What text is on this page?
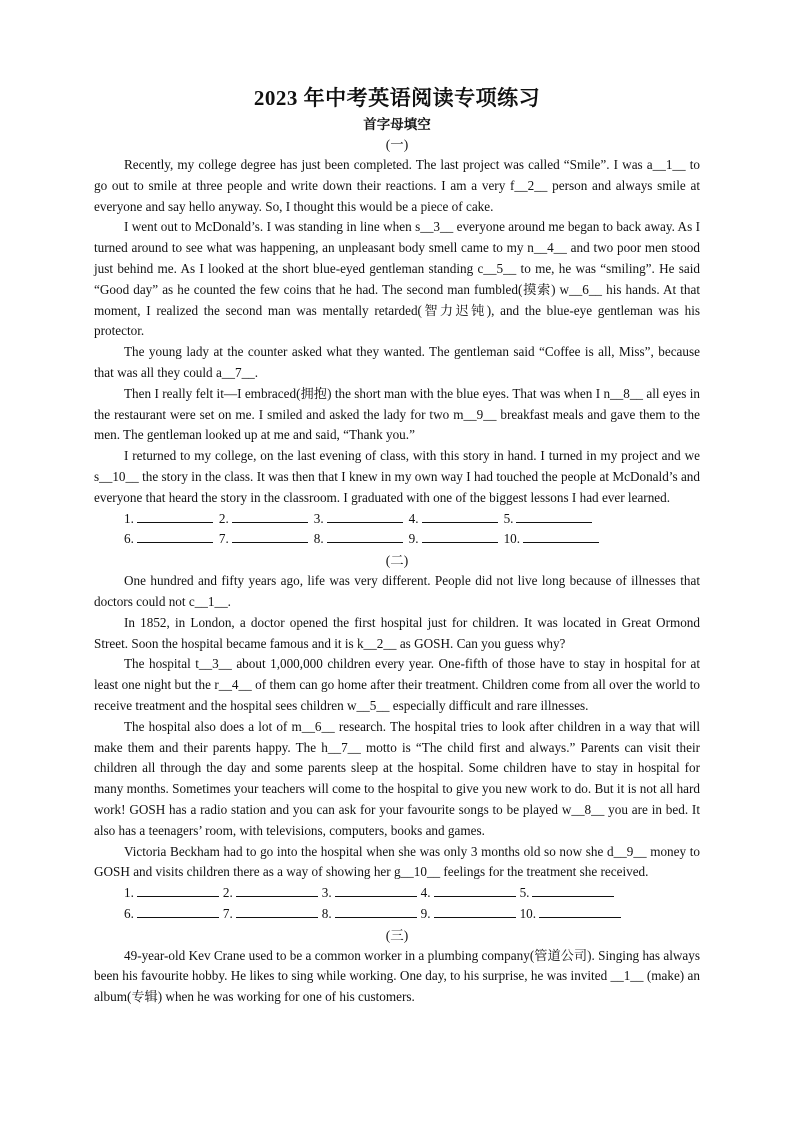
2023 年中考英语阅读专项练习

首字母填空

(一)

Recently, my college degree has just been completed. The last project was called “Smile”. I was a__1__ to go out to smile at three people and write down their reactions. I am a very f__2__ person and always smile at everyone and say hello anyway. So, I thought this would be a piece of cake.

I went out to McDonald’s. I was standing in line when s__3__ everyone around me began to back away. As I turned around to see what was happening, an unpleasant body smell came to my n__4__ and two poor men stood just behind me. As I looked at the short blue-eyed gentleman standing c__5__ to me, he was “smiling”. He said “Good day” as he counted the few coins that he had. The second man fumbled(摸索) w__6__ his hands. At that moment, I realized the second man was mentally retarded(智力迟钝), and the blue-eye gentleman was his protector.

The young lady at the counter asked what they wanted. The gentleman said “Coffee is all, Miss”, because that was all they could a__7__.

Then I really felt it—I embraced(拥抱) the short man with the blue eyes. That was when I n__8__ all eyes in the restaurant were set on me. I smiled and asked the lady for two m__9__ breakfast meals and gave them to the men. The gentleman looked up at me and said, “Thank you.”

I returned to my college, on the last evening of class, with this story in hand. I turned in my project and we s__10__ the story in the class. It was then that I knew in my own way I had touched the people at McDonald’s and everyone that heard the story in the classroom. I graduated with one of the biggest lessons I had ever learned.

1.	2.	3.	4.	5.
6.	7.	8.	9.	10.

(二)

One hundred and fifty years ago, life was very different. People did not live long because of illnesses that doctors could not c__1__.

In 1852, in London, a doctor opened the first hospital just for children. It was located in Great Ormond Street. Soon the hospital became famous and it is k__2__ as GOSH. Can you guess why?

The hospital t__3__ about 1,000,000 children every year. One-fifth of those have to stay in hospital for at least one night but the r__4__ of them can go home after their treatment. Children come from all over the world to receive treatment and the hospital sees children w__5__ especially difficult and rare illnesses.

The hospital also does a lot of m__6__ research. The hospital tries to look after children in a way that will make them and their parents happy. The h__7__ motto is “The child first and always.” Parents can visit their children all through the day and some parents sleep at the hospital. Some children have to stay in hospital for many months. Sometimes your teachers will come to the hospital to give you new work to do. But it is not all hard work! GOSH has a radio station and you can ask for your favourite songs to be played w__8__ you are in bed. It also has a teenagers’ room, with televisions, computers, books and games.

Victoria Beckham had to go into the hospital when she was only 3 months old so now she d__9__ money to GOSH and visits children there as a way of showing her g__10__ feelings for the treatment she received.

1.	2.	3.	4.	5.
6.	7.	8.	9.	10.

(三)

49-year-old Kev Crane used to be a common worker in a plumbing company(管道公司). Singing has always been his favourite hobby. He likes to sing while working. One day, to his surprise, he was invited __1__ (make) an album(专辑) when he was working for one of his customers.
